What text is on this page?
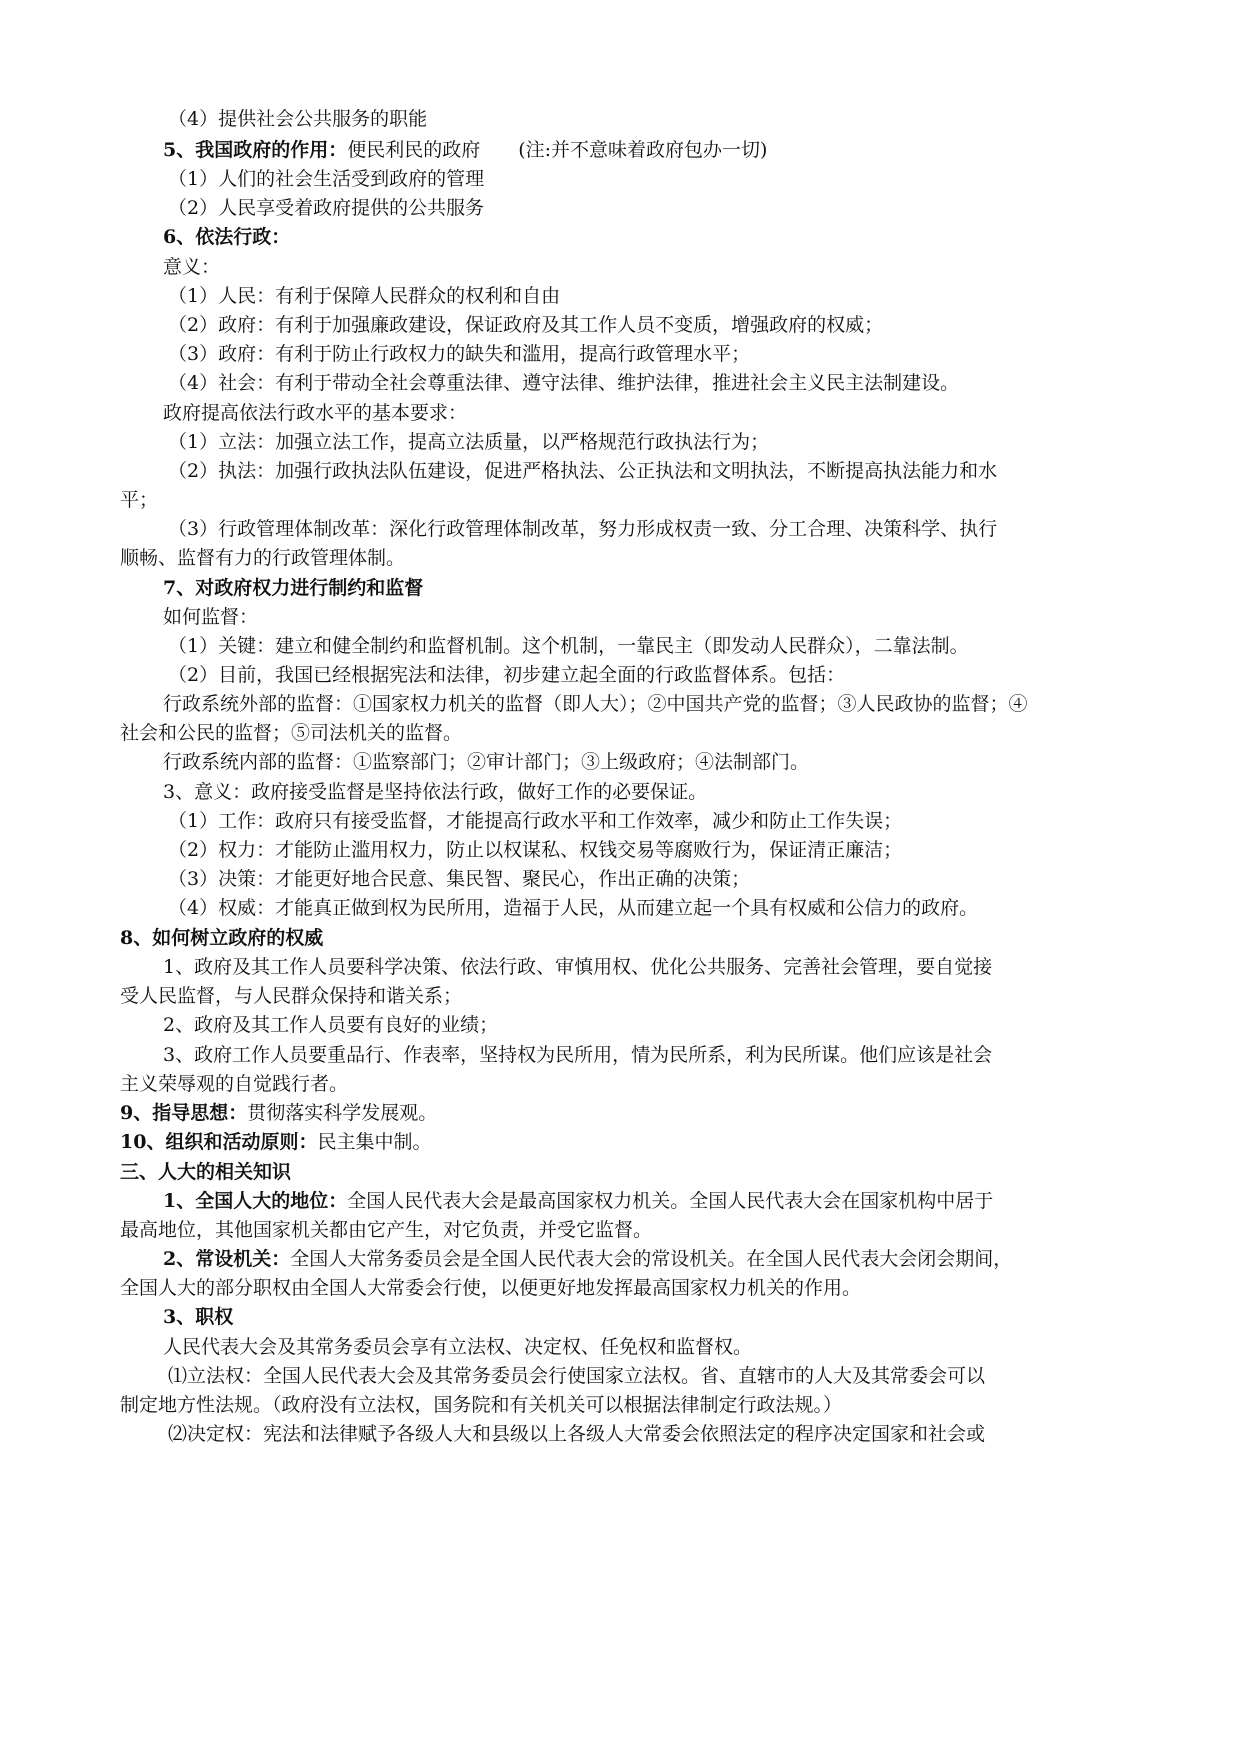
（4）提供社会公共服务的职能
5、我国政府的作用：便民利民的政府　　(注:并不意味着政府包办一切)
（1）人们的社会生活受到政府的管理
（2）人民享受着政府提供的公共服务
6、依法行政：
意义：
（1）人民：有利于保障人民群众的权利和自由
（2）政府：有利于加强廉政建设，保证政府及其工作人员不变质，增强政府的权威；
（3）政府：有利于防止行政权力的缺失和滥用，提高行政管理水平；
（4）社会：有利于带动全社会尊重法律、遵守法律、维护法律，推进社会主义民主法制建设。
政府提高依法行政水平的基本要求：
（1）立法：加强立法工作，提高立法质量，以严格规范行政执法行为；
（2）执法：加强行政执法队伍建设，促进严格执法、公正执法和文明执法，不断提高执法能力和水
平；
（3）行政管理体制改革：深化行政管理体制改革，努力形成权责一致、分工合理、决策科学、执行
顺畅、监督有力的行政管理体制。
7、对政府权力进行制约和监督
如何监督：
（1）关键：建立和健全制约和监督机制。这个机制，一靠民主（即发动人民群众），二靠法制。
（2）目前，我国已经根据宪法和法律，初步建立起全面的行政监督体系。包括：
行政系统外部的监督：①国家权力机关的监督（即人大）；②中国共产党的监督；③人民政协的监督；④
社会和公民的监督；⑤司法机关的监督。
行政系统内部的监督：①监察部门；②审计部门；③上级政府；④法制部门。
3、意义：政府接受监督是坚持依法行政，做好工作的必要保证。
（1）工作：政府只有接受监督，才能提高行政水平和工作效率，减少和防止工作失误；
（2）权力：才能防止滥用权力，防止以权谋私、权钱交易等腐败行为，保证清正廉洁；
（3）决策：才能更好地合民意、集民智、聚民心，作出正确的决策；
（4）权威：才能真正做到权为民所用，造福于人民，从而建立起一个具有权威和公信力的政府。
8、如何树立政府的权威
1、政府及其工作人员要科学决策、依法行政、审慎用权、优化公共服务、完善社会管理，要自觉接
受人民监督，与人民群众保持和谐关系；
2、政府及其工作人员要有良好的业绩；
3、政府工作人员要重品行、作表率，坚持权为民所用，情为民所系，利为民所谋。他们应该是社会
主义荣辱观的自觉践行者。
9、指导思想：贯彻落实科学发展观。
10、组织和活动原则：民主集中制。
三、人大的相关知识
1、全国人大的地位：全国人民代表大会是最高国家权力机关。全国人民代表大会在国家机构中居于
最高地位，其他国家机关都由它产生，对它负责，并受它监督。
2、常设机关：全国人大常务委员会是全国人民代表大会的常设机关。在全国人民代表大会闭会期间，
全国人大的部分职权由全国人大常委会行使，以便更好地发挥最高国家权力机关的作用。
3、职权
人民代表大会及其常务委员会享有立法权、决定权、任免权和监督权。
⑴立法权：全国人民代表大会及其常务委员会行使国家立法权。省、直辖市的人大及其常委会可以
制定地方性法规。（政府没有立法权，国务院和有关机关可以根据法律制定行政法规。）
⑵决定权：宪法和法律赋予各级人大和县级以上各级人大常委会依照法定的程序决定国家和社会或
